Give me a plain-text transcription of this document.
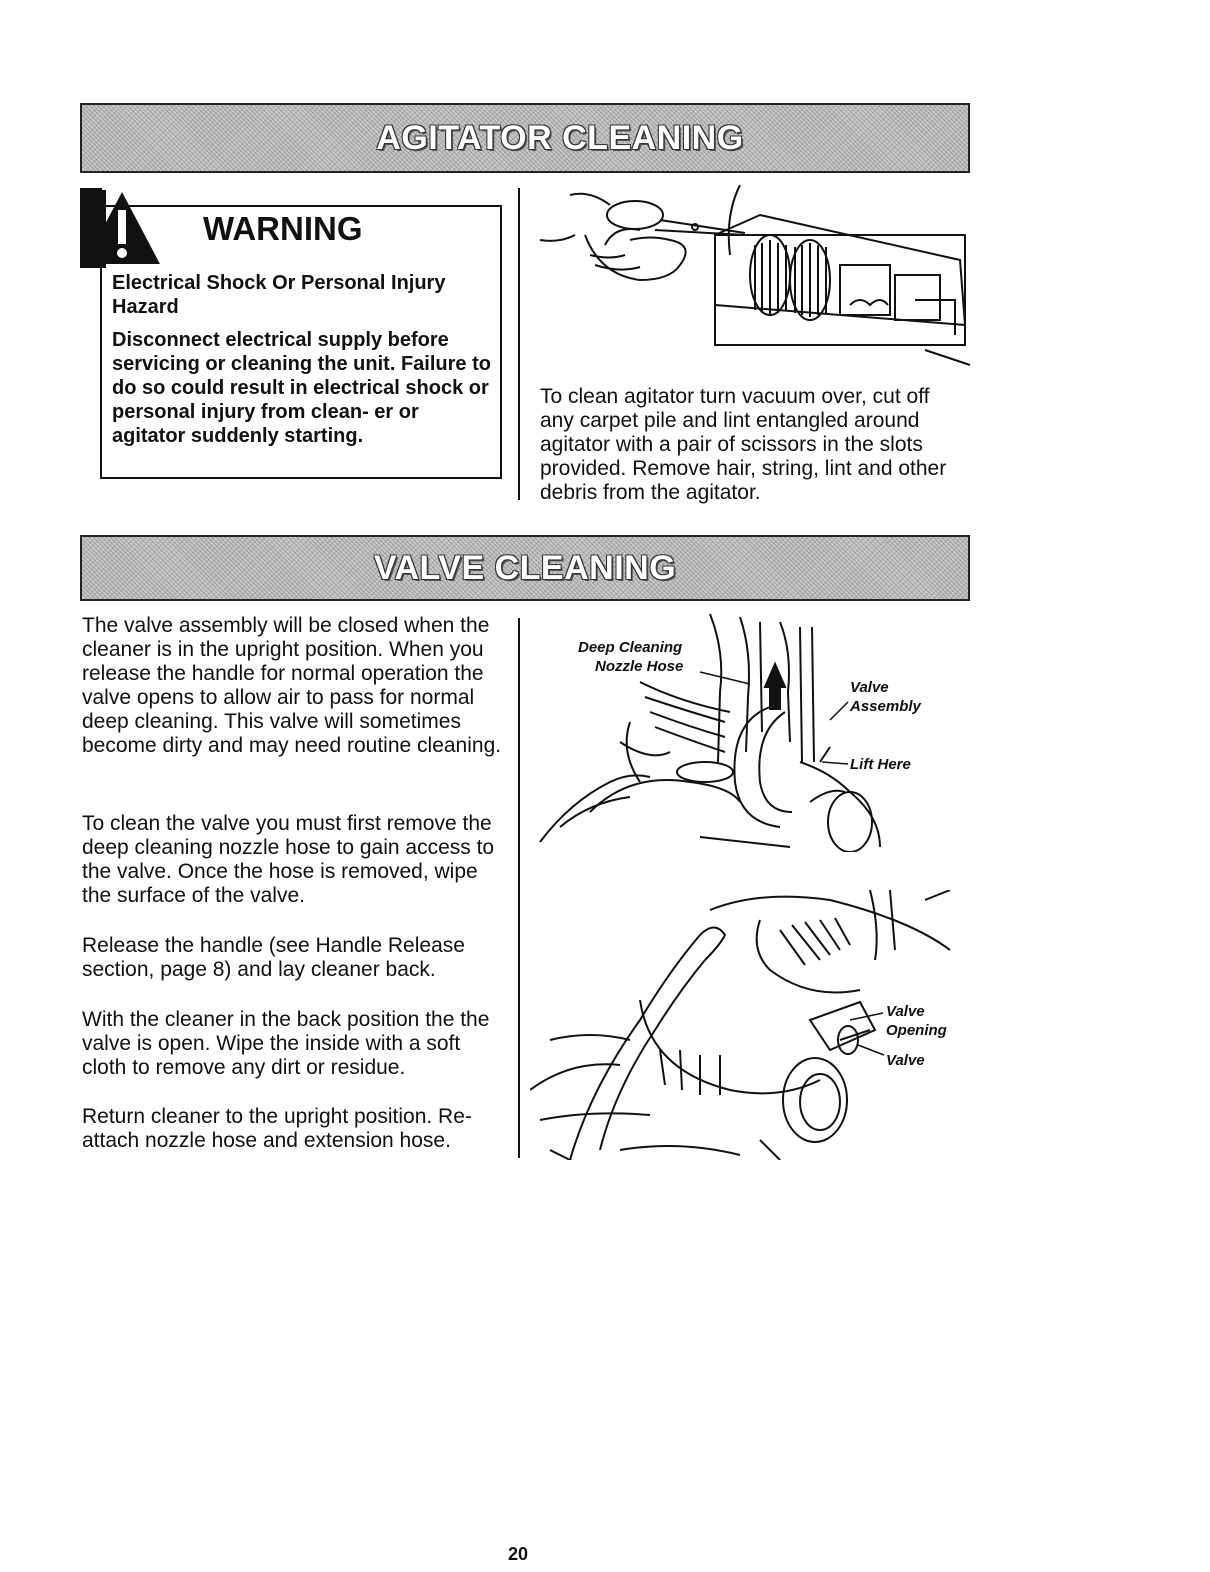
AGITATOR CLEANING
WARNING
Electrical Shock Or Personal Injury Hazard
Disconnect electrical supply before servicing or cleaning the unit. Failure to do so could result in electrical shock or personal injury from clean- er or agitator suddenly starting.
To clean agitator turn vacuum over, cut off any carpet pile and lint entangled around agitator with a pair of scissors in the slots provided. Remove hair, string, lint and other debris from the agitator.
VALVE CLEANING
The valve assembly will be closed when the cleaner is in the upright position. When you release the handle for normal operation the valve opens to allow air to pass for normal deep cleaning. This valve will sometimes become dirty and may need routine cleaning.
To clean the valve you must first remove the deep cleaning nozzle hose to gain access to the valve. Once the hose is removed, wipe the surface of the valve.
Release the handle (see Handle Release section, page 8) and lay cleaner back.
With the cleaner in the back position the the valve is open. Wipe the inside with a soft cloth to remove any dirt or residue.
Return cleaner to the upright position. Re-attach nozzle hose and extension hose.
Deep Cleaning
Nozzle Hose
Valve
Assembly
Lift Here
Valve
Opening
Valve
20
